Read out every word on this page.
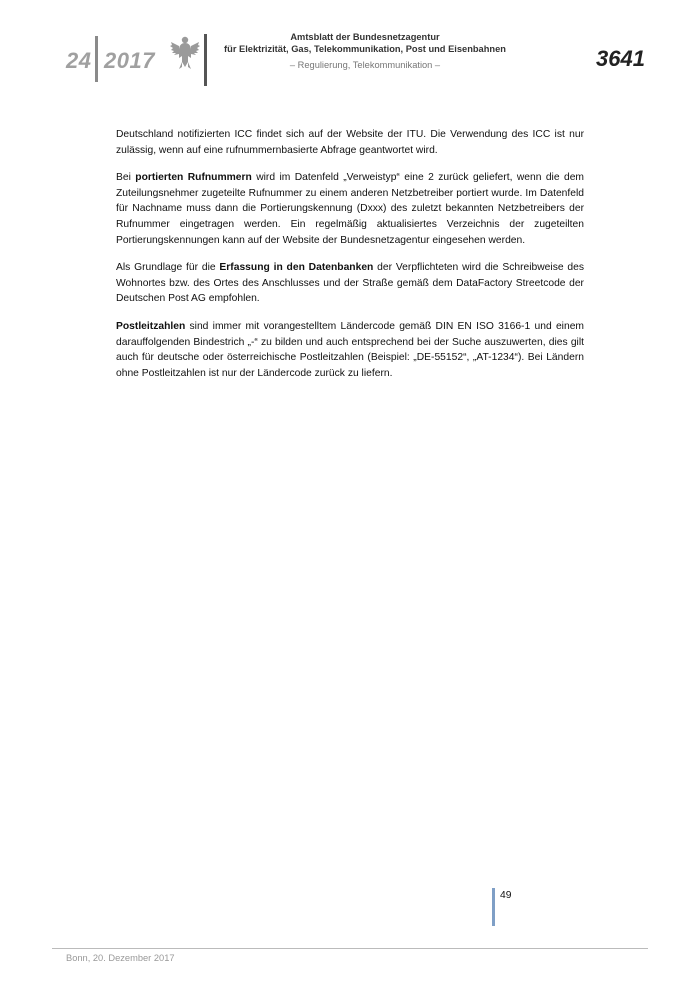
24 2017
Amtsblatt der Bundesnetzagentur
für Elektrizität, Gas, Telekommunikation, Post und Eisenbahnen
– Regulierung, Telekommunikation –	3641

Deutschland notifizierten ICC findet sich auf der Website der ITU. Die Verwendung des ICC ist nur zulässig, wenn auf eine rufnummernbasierte Abfrage geantwortet wird.

Bei portierten Rufnummern wird im Datenfeld „Verweistyp“ eine 2 zurück geliefert, wenn die dem Zuteilungsnehmer zugeteilte Rufnummer zu einem anderen Netzbetreiber portiert wurde. Im Datenfeld für Nachname muss dann die Portierungskennung (Dxxx) des zuletzt bekannten Netzbetreibers der Rufnummer eingetragen werden. Ein regelmäßig aktualisiertes Verzeichnis der zugeteilten Portierungskennungen kann auf der Website der Bundesnetzagentur eingesehen werden.

Als Grundlage für die Erfassung in den Datenbanken der Verpflichteten wird die Schreibweise des Wohnortes bzw. des Ortes des Anschlusses und der Straße gemäß dem DataFactory Streetcode der Deutschen Post AG empfohlen.

Postleitzahlen sind immer mit vorangestelltem Ländercode gemäß DIN EN ISO 3166-1 und einem darauffolgenden Bindestrich „-“ zu bilden und auch entsprechend bei der Suche auszuwerten, dies gilt auch für deutsche oder österreichische Postleitzahlen (Beispiel: „DE-55152“, „AT-1234“). Bei Ländern ohne Postleitzahlen ist nur der Ländercode zurück zu liefern.

49
Bonn, 20. Dezember 2017
